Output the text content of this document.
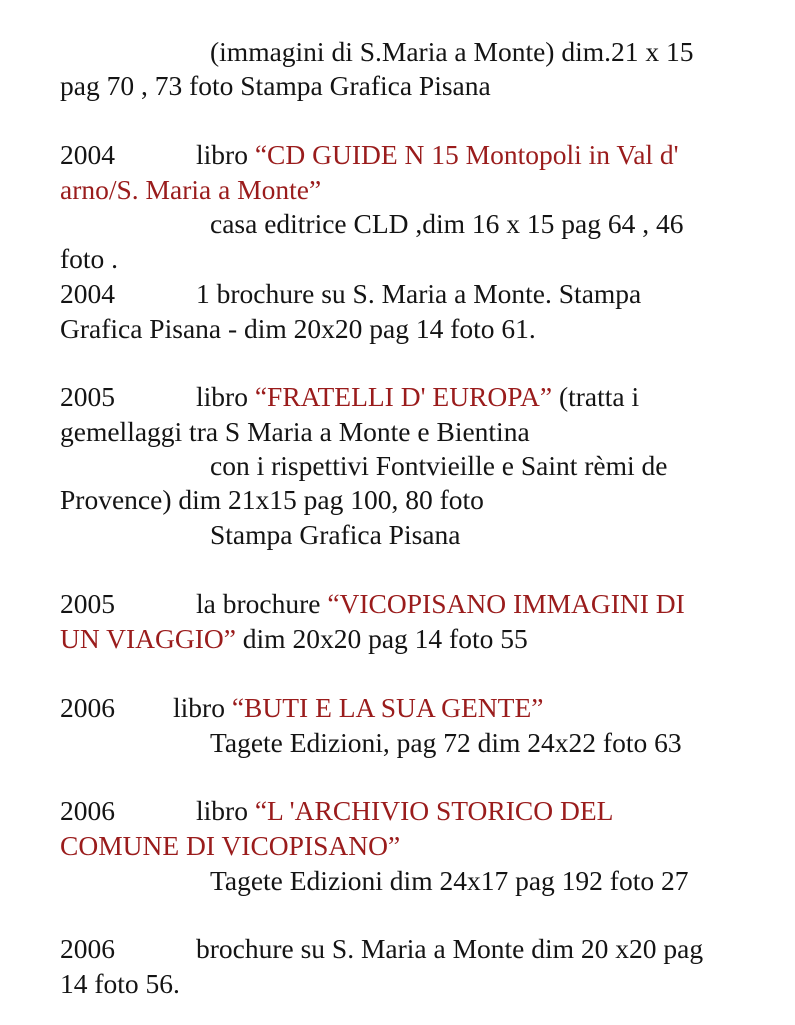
(immagini di S.Maria a Monte) dim.21 x 15
pag 70 , 73 foto Stampa Grafica Pisana
2004	libro “CD GUIDE N 15 Montopoli in Val d'
arno/S. Maria a Monte”
casa editrice CLD ,dim 16 x 15 pag 64 , 46
foto .
2004	1 brochure su S. Maria a Monte. Stampa
Grafica Pisana - dim 20x20 pag 14 foto 61.
2005	libro “FRATELLI D' EUROPA” (tratta i
gemellaggi tra S Maria a Monte e Bientina
con i rispettivi Fontvieille e Saint rèmi de
Provence) dim 21x15 pag 100, 80 foto
Stampa Grafica Pisana
2005	la brochure “VICOPISANO IMMAGINI DI
UN VIAGGIO” dim 20x20 pag 14 foto 55
2006 libro “BUTI E LA SUA GENTE”
Tagete Edizioni, pag 72 dim 24x22 foto 63
2006	libro “L 'ARCHIVIO STORICO DEL
COMUNE DI VICOPISANO”
Tagete Edizioni dim 24x17 pag 192 foto 27
2006	brochure su S. Maria a Monte dim 20 x20 pag
14 foto 56.
